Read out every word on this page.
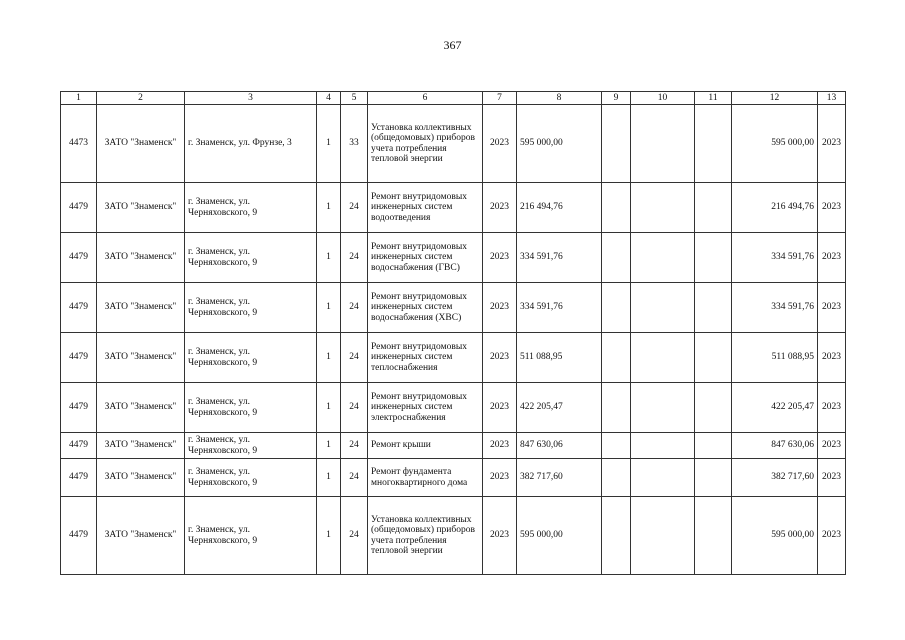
367
1	2	3	4	5	6	7	8	9	10	11	12	13
4473	ЗАТО "Знаменск"	г. Знаменск, ул. Фрунзе, 3	1	33	Установка коллективных (общедомовых) приборов учета потребления тепловой энергии	2023	595 000,00				595 000,00	2023
4479	ЗАТО "Знаменск"	г. Знаменск, ул. Черняховского, 9	1	24	Ремонт внутридомовых инженерных систем водоотведения	2023	216 494,76				216 494,76	2023
4479	ЗАТО "Знаменск"	г. Знаменск, ул. Черняховского, 9	1	24	Ремонт внутридомовых инженерных систем водоснабжения (ГВС)	2023	334 591,76				334 591,76	2023
4479	ЗАТО "Знаменск"	г. Знаменск, ул. Черняховского, 9	1	24	Ремонт внутридомовых инженерных систем водоснабжения (ХВС)	2023	334 591,76				334 591,76	2023
4479	ЗАТО "Знаменск"	г. Знаменск, ул. Черняховского, 9	1	24	Ремонт внутридомовых инженерных систем теплоснабжения	2023	511 088,95				511 088,95	2023
4479	ЗАТО "Знаменск"	г. Знаменск, ул. Черняховского, 9	1	24	Ремонт внутридомовых инженерных систем электроснабжения	2023	422 205,47				422 205,47	2023
4479	ЗАТО "Знаменск"	г. Знаменск, ул. Черняховского, 9	1	24	Ремонт крыши	2023	847 630,06				847 630,06	2023
4479	ЗАТО "Знаменск"	г. Знаменск, ул. Черняховского, 9	1	24	Ремонт фундамента многоквартирного дома	2023	382 717,60				382 717,60	2023
4479	ЗАТО "Знаменск"	г. Знаменск, ул. Черняховского, 9	1	24	Установка коллективных (общедомовых) приборов учета потребления тепловой энергии	2023	595 000,00				595 000,00	2023
